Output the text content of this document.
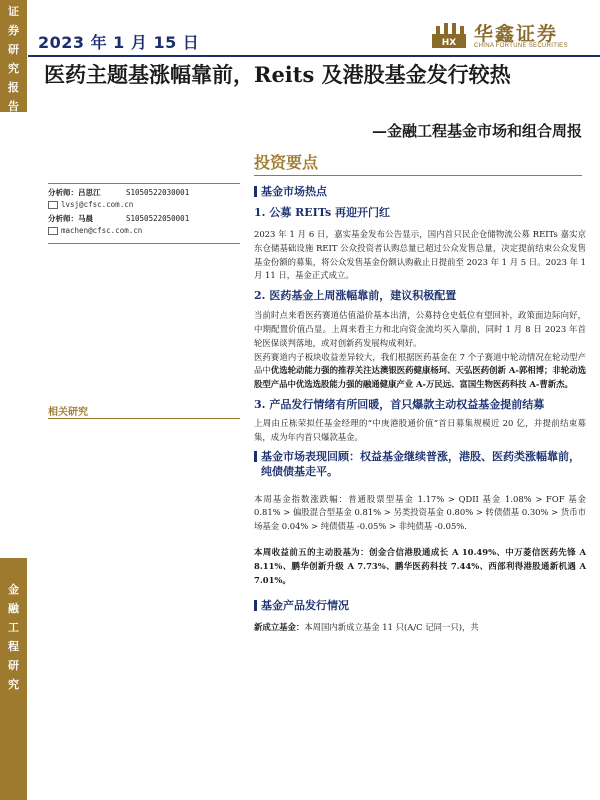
证
券
研
究
报
告
金
融
工
程
研
究
2023 年 1 月 15 日	HX 华鑫证券
CHINA FORTUNE SECURITIES
医药主题基涨幅靠前，Reits 及港股基金发行较热
—金融工程基金市场和组合周报
投资要点
分析师：吕思江	S1050522030001
lvsj@cfsc.com.cn
分析师：马晨	S1050522050001
machen@cfsc.com.cn
相关研究
基金市场热点
1. 公募 REITs 再迎开门红
2023 年 1 月 6 日，嘉实基金发布公告显示，国内首只民企仓储物流公募 REITs 嘉实京东仓储基础设施 REIT 公众投资者认购总量已超过公众发售总量，决定提前结束公众发售基金份额的募集，将公众发售基金份额认购截止日提前至 2023 年 1 月 5 日。2023 年 1 月 11 日，基金正式成立。
2. 医药基金上周涨幅靠前，建议积极配置
当前时点来看医药赛道估值溢价基本出清，公募持仓史低位有望回补，政策面边际向好，中期配置价值凸显。上周来看主力和北向资金流均买入靠前，同时 1 月 8 日 2023 年首轮医保谈判落地，或对创新药发展构成利好。
医药赛道内子板块收益差异较大，我们根据医药基金在 7 个子赛道中轮动情况在轮动型产品中优选轮动能力强的推荐关注达澳银医药健康杨珂、天弘医药创新 A-郭相博；非轮动选股型产品中优选选股能力强的融通健康产业 A-万民远、富国生物医药科技 A-曹新杰。
3. 产品发行情绪有所回暖，首只爆款主动权益基金提前结募
上周由丘栋荣拟任基金经理的“中庚港股通价值”首日募集规模近 20 亿，并提前结束募集，成为年内首只爆款基金。
基金市场表现回顾：权益基金继续普涨，港股、医药类涨幅靠前，纯债债基走平。
本周基金指数涨跌幅：普通股票型基金 1.17% > QDII 基金 1.08% > FOF 基金 0.81% > 偏股混合型基金 0.81% > 另类投资基金 0.80% > 转债债基 0.30% > 货币市场基金 0.04% > 纯债债基 -0.05% > 非纯债基 -0.05%.
本周收益前五的主动股基为：创金合信港股通成长 A 10.49%、中万菱信医药先锋 A 8.11%、鹏华创新升级 A 7.73%、鹏华医药科技 7.44%、西部利得港股通新机遇 A 7.01%。
基金产品发行情况
新成立基金：本周国内新成立基金 11 只(A/C 记同一只)，共
